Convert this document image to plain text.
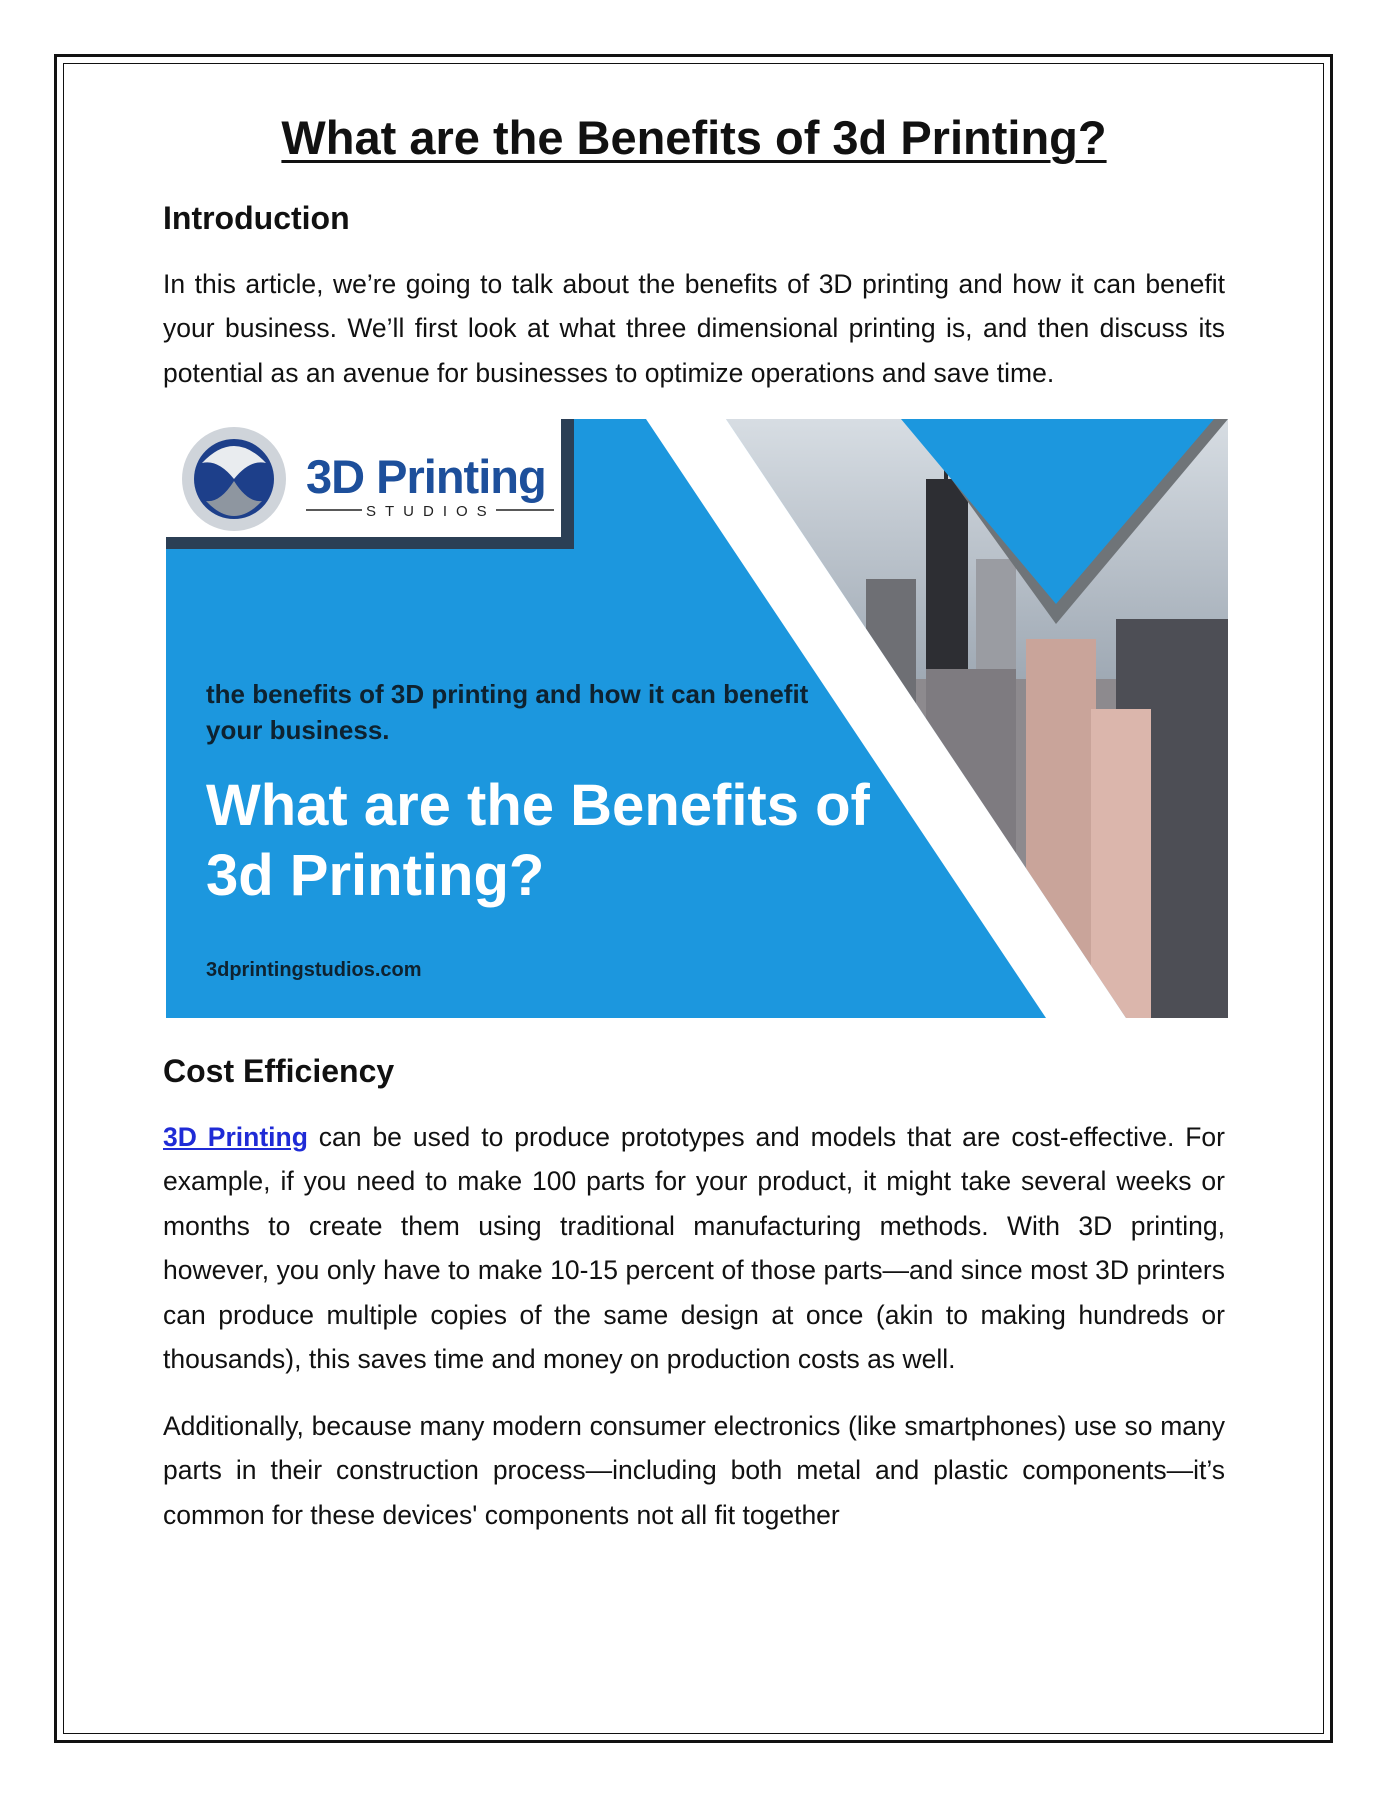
What are the Benefits of 3d Printing?
Introduction

In this article, we’re going to talk about the benefits of 3D printing and how it can benefit your business. We’ll first look at what three dimensional printing is, and then discuss its potential as an avenue for businesses to optimize operations and save time.

3D Printing
STUDIOS
the benefits of 3D printing and how it can benefit your business.
What are the Benefits of 3d Printing?
3dprintingstudios.com
Cost Efficiency

3D Printing can be used to produce prototypes and models that are cost-effective. For example, if you need to make 100 parts for your product, it might take several weeks or months to create them using traditional manufacturing methods. With 3D printing, however, you only have to make 10-15 percent of those parts—and since most 3D printers can produce multiple copies of the same design at once (akin to making hundreds or thousands), this saves time and money on production costs as well.

Additionally, because many modern consumer electronics (like smartphones) use so many parts in their construction process—including both metal and plastic components—it’s common for these devices' components not all fit together
